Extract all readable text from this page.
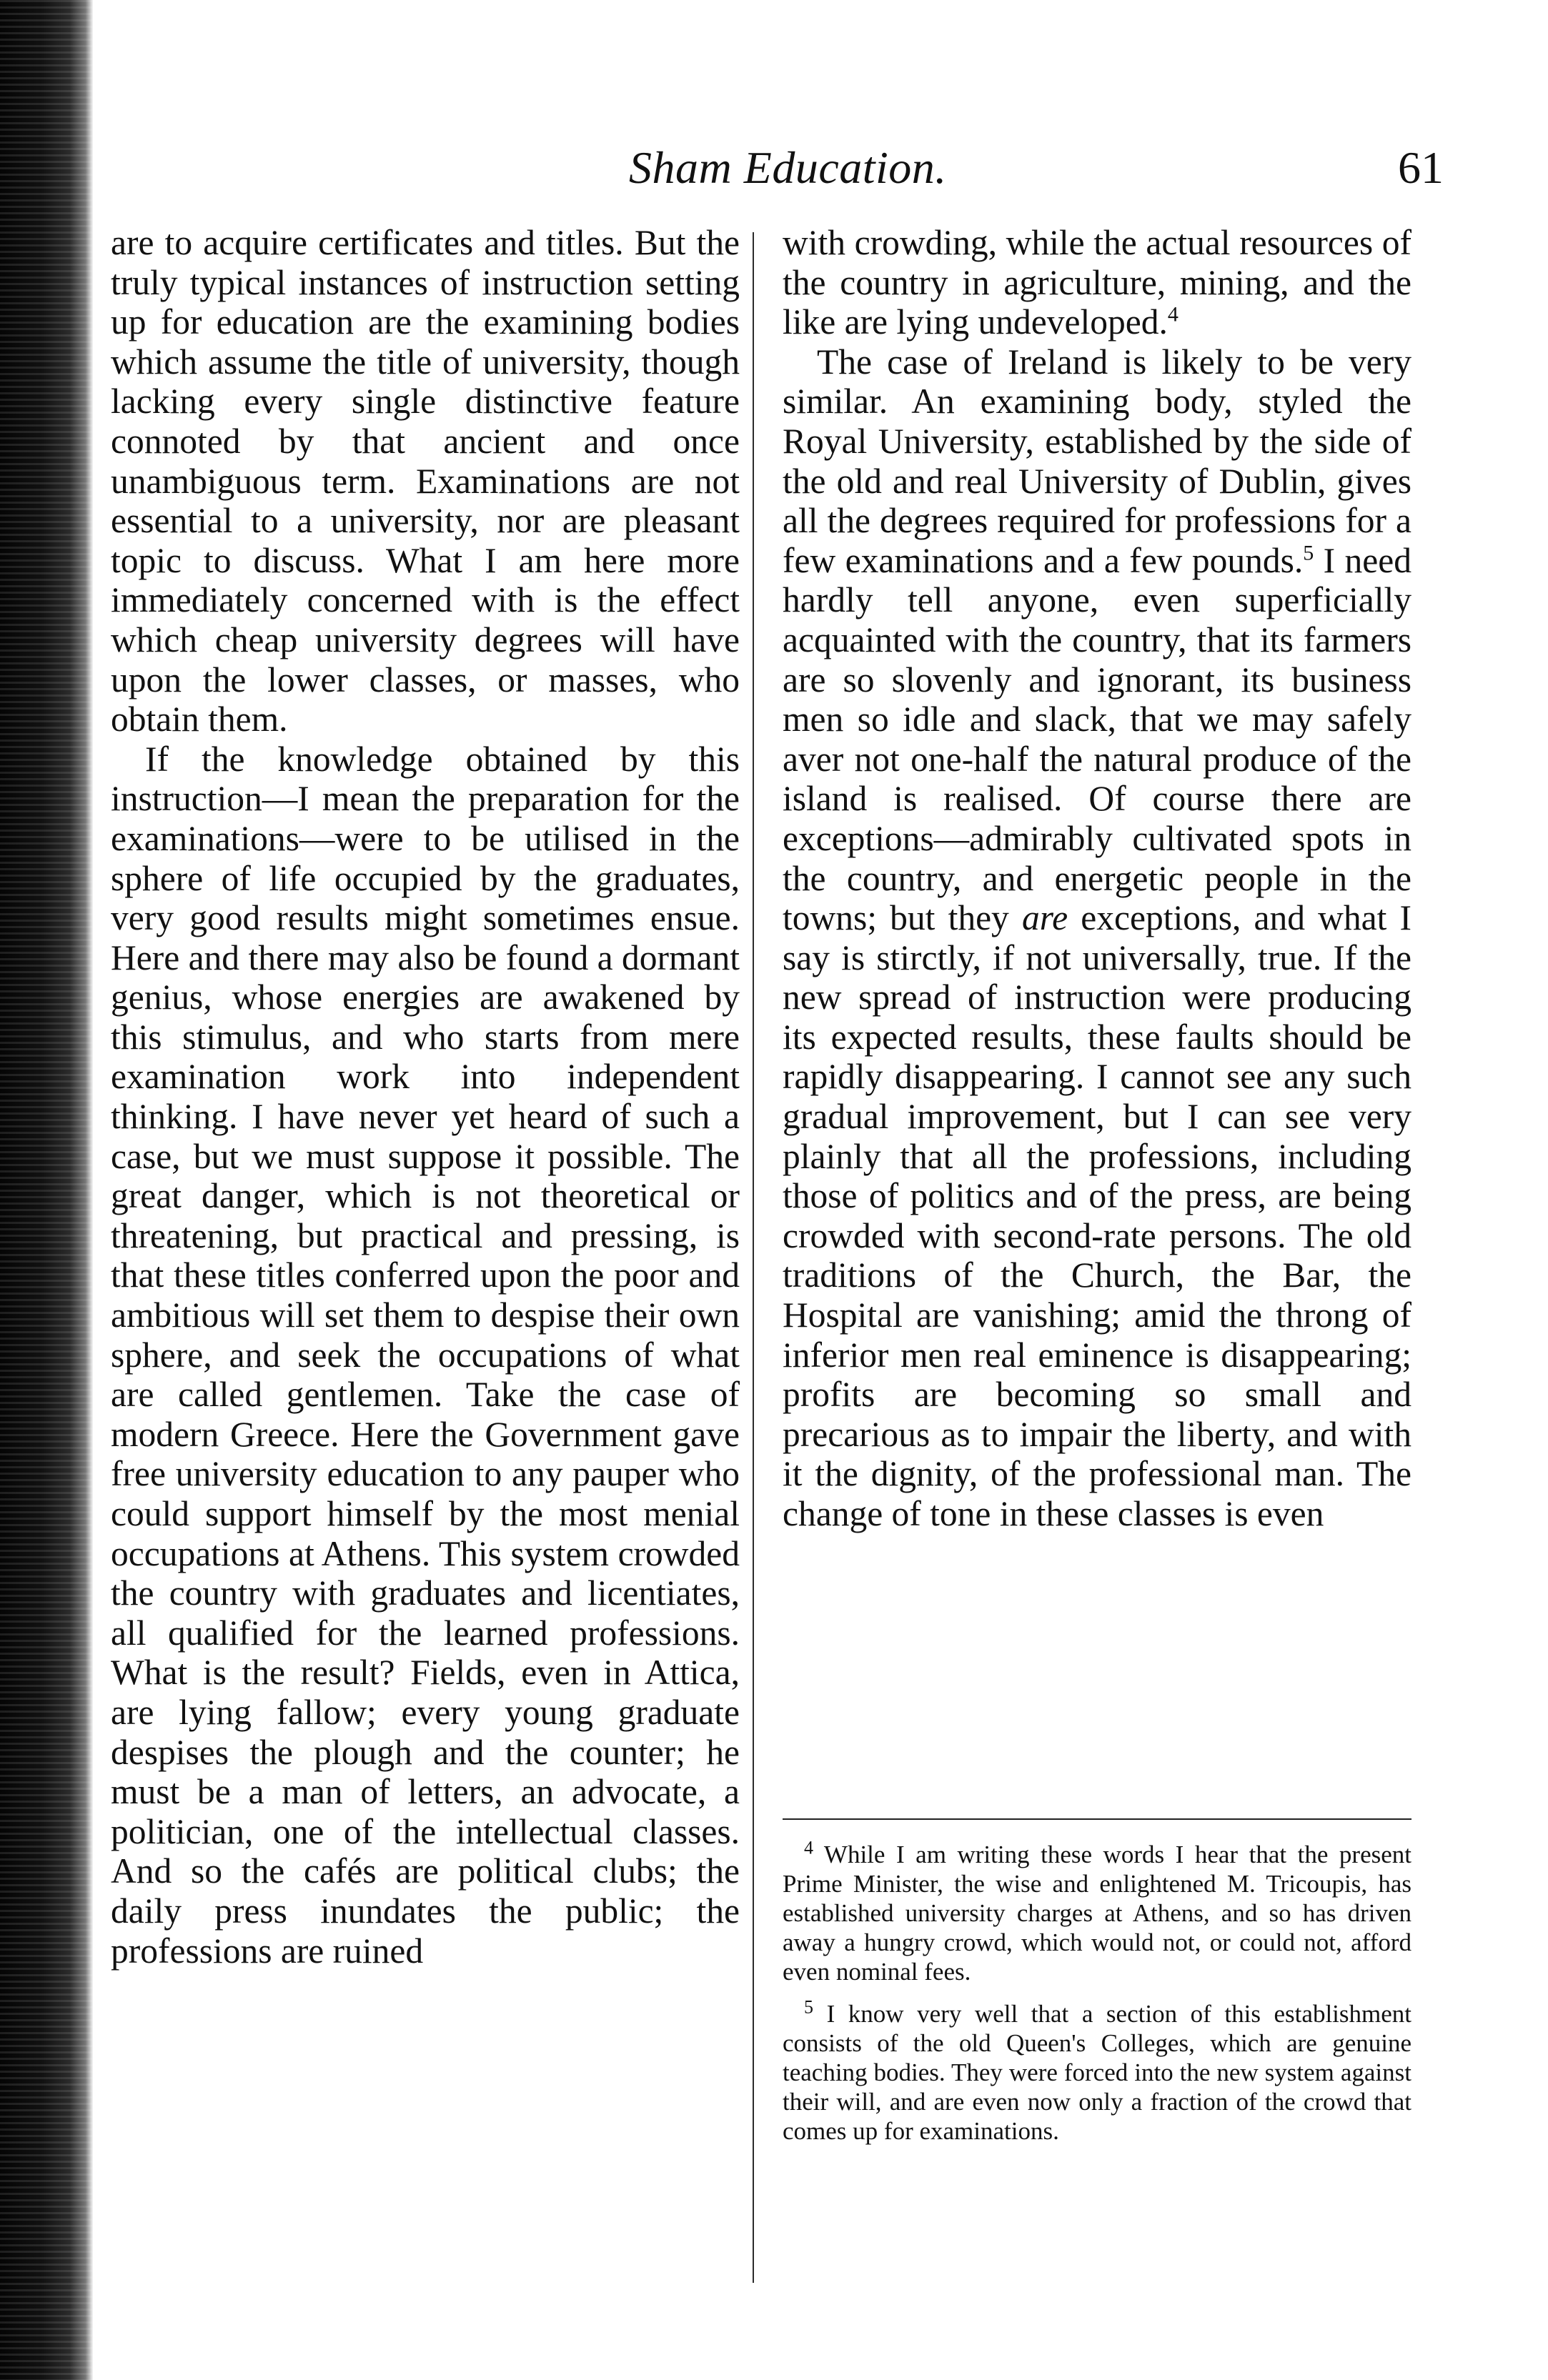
Sham Education.	61

are to acquire certificates and titles. But the truly typical instances of instruction setting up for education are the examining bodies which assume the title of university, though lacking every single distinctive feature connoted by that ancient and once unambiguous term. Examinations are not essential to a university, nor are pleasant topic to discuss. What I am here more immediately concerned with is the effect which cheap university degrees will have upon the lower classes, or masses, who obtain them.

If the knowledge obtained by this instruction—I mean the preparation for the examinations—were to be utilised in the sphere of life occupied by the graduates, very good results might sometimes ensue. Here and there may also be found a dormant genius, whose energies are awakened by this stimulus, and who starts from mere examination work into independent thinking. I have never yet heard of such a case, but we must suppose it possible. The great danger, which is not theoretical or threatening, but practical and pressing, is that these titles conferred upon the poor and ambitious will set them to despise their own sphere, and seek the occupations of what are called gentlemen. Take the case of modern Greece. Here the Government gave free university education to any pauper who could support himself by the most menial occupations at Athens. This system crowded the country with graduates and licentiates, all qualified for the learned professions. What is the result? Fields, even in Attica, are lying fallow; every young graduate despises the plough and the counter; he must be a man of letters, an advocate, a politician, one of the intellectual classes. And so the cafés are political clubs; the daily press inundates the public; the professions are ruined

with crowding, while the actual resources of the country in agriculture, mining, and the like are lying undeveloped.$^4$

The case of Ireland is likely to be very similar. An examining body, styled the Royal University, established by the side of the old and real University of Dublin, gives all the degrees required for professions for a few examinations and a few pounds.$^5$ I need hardly tell anyone, even superficially acquainted with the country, that its farmers are so slovenly and ignorant, its business men so idle and slack, that we may safely aver not one-half the natural produce of the island is realised. Of course there are exceptions—admirably cultivated spots in the country, and energetic people in the towns; but they are exceptions, and what I say is stirctly, if not universally, true. If the new spread of instruction were producing its expected results, these faults should be rapidly disappearing. I cannot see any such gradual improvement, but I can see very plainly that all the professions, including those of politics and of the press, are being crowded with second-rate persons. The old traditions of the Church, the Bar, the Hospital are vanishing; amid the throng of inferior men real eminence is disappearing; profits are becoming so small and precarious as to impair the liberty, and with it the dignity, of the professional man. The change of tone in these classes is even

$^4$ While I am writing these words I hear that the present Prime Minister, the wise and enlightened M. Tricoupis, has established university charges at Athens, and so has driven away a hungry crowd, which would not, or could not, afford even nominal fees.

$^5$ I know very well that a section of this establishment consists of the old Queen's Colleges, which are genuine teaching bodies. They were forced into the new system against their will, and are even now only a fraction of the crowd that comes up for examinations.
